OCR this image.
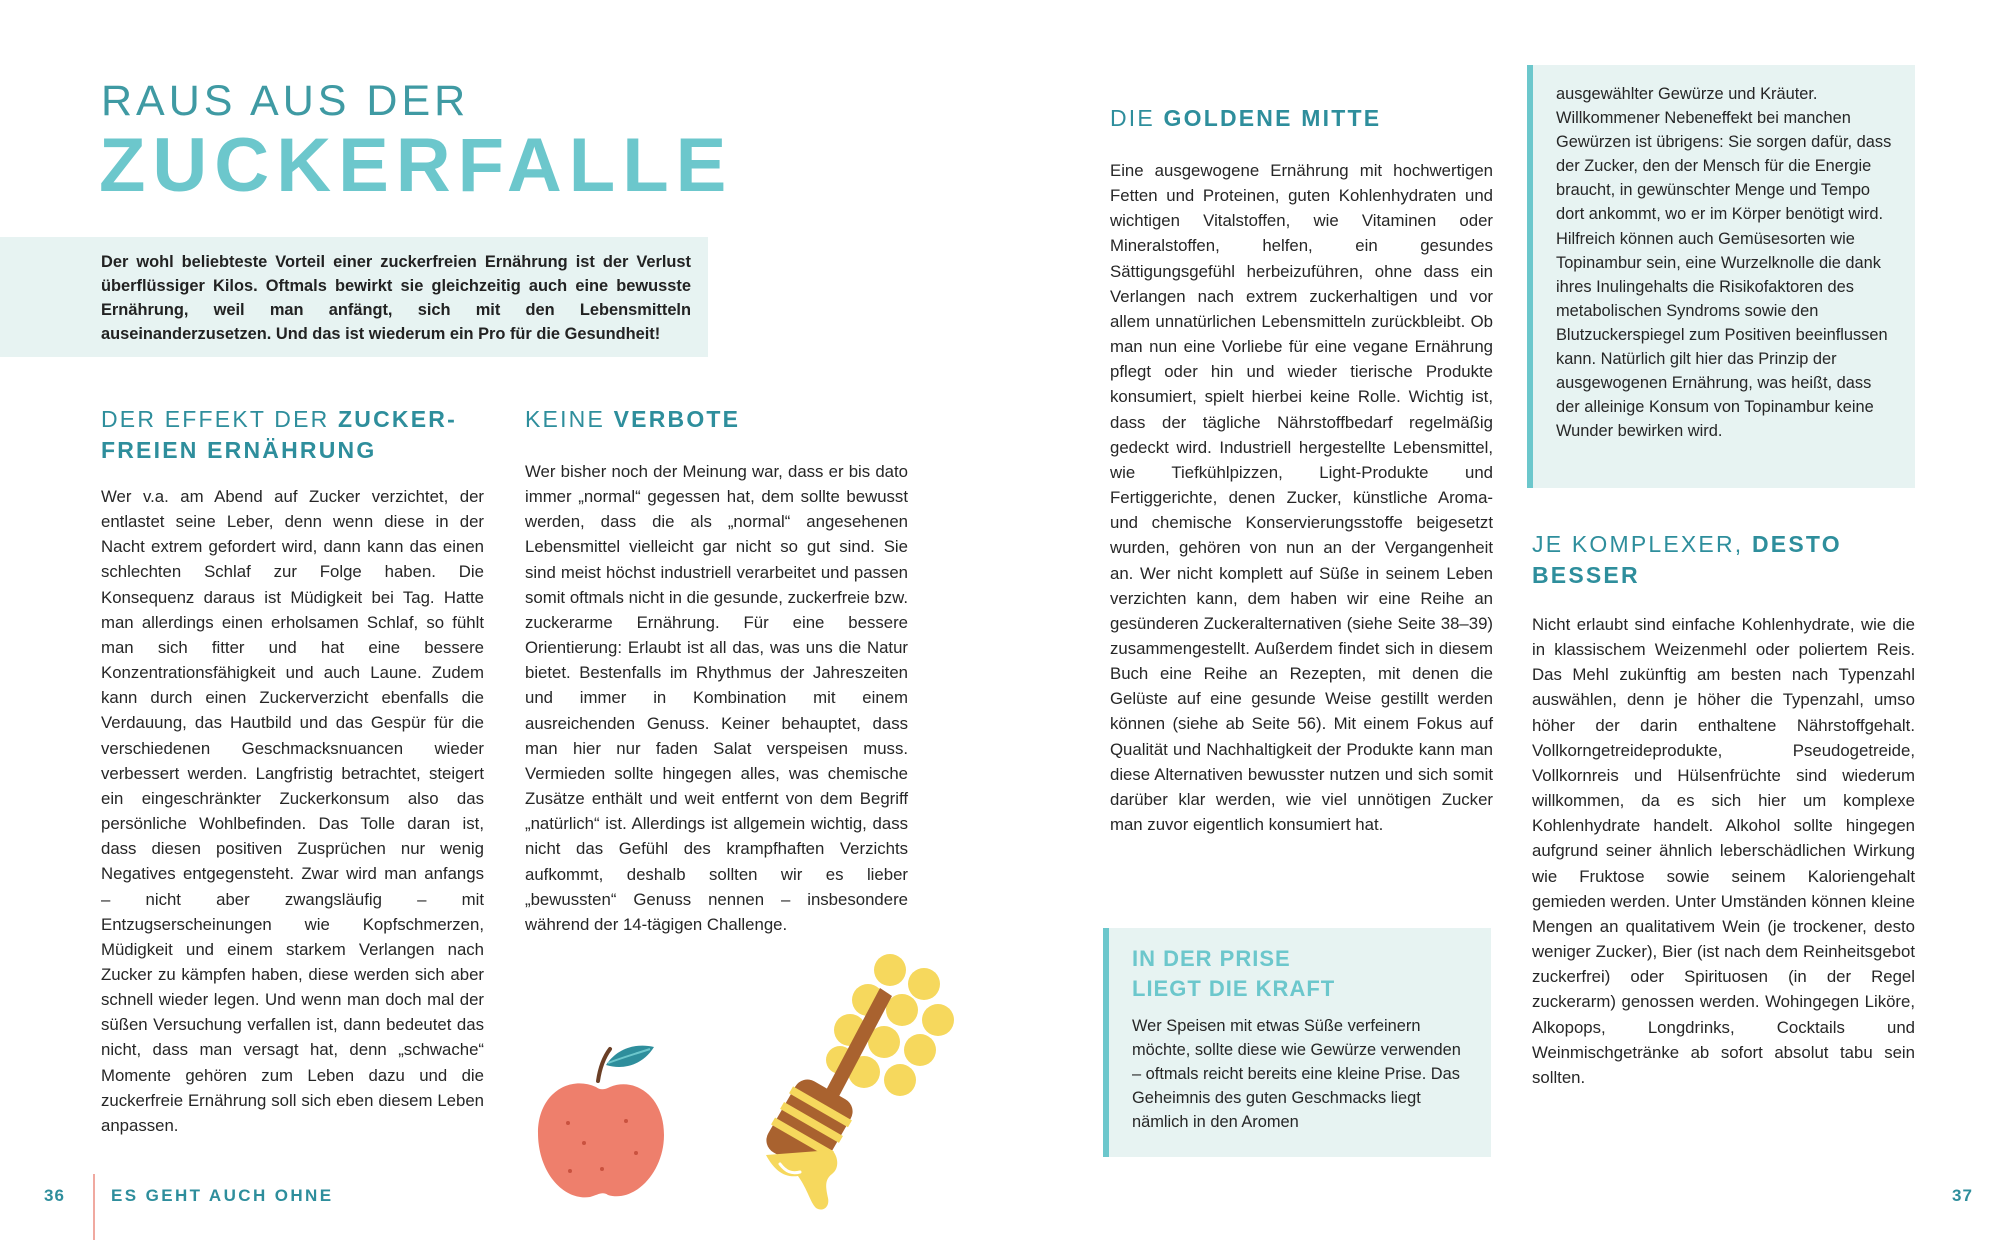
RAUS AUS DER
ZUCKERFALLE
Der wohl beliebteste Vorteil einer zuckerfreien Ernährung ist der Verlust überflüssiger Kilos. Oftmals bewirkt sie gleichzeitig auch eine bewusste Ernährung, weil man anfängt, sich mit den Lebensmitteln auseinanderzusetzen. Und das ist wiederum ein Pro für die Gesundheit!
DER EFFEKT DER ZUCKER-
FREIEN ERNÄHRUNG

Wer v.a. am Abend auf Zucker verzichtet, der entlastet seine Leber, denn wenn diese in der Nacht extrem gefordert wird, dann kann das einen schlechten Schlaf zur Folge haben. Die Konsequenz daraus ist Müdigkeit bei Tag. Hatte man allerdings einen erholsamen Schlaf, so fühlt man sich fitter und hat eine bessere Konzentrationsfähigkeit und auch Laune. Zudem kann durch einen Zuckerverzicht ebenfalls die Verdauung, das Hautbild und das Gespür für die verschiedenen Geschmacksnuancen wieder verbessert werden. Langfristig betrachtet, steigert ein eingeschränkter Zuckerkonsum also das persönliche Wohlbefinden. Das Tolle daran ist, dass diesen positiven Zusprüchen nur wenig Negatives entgegensteht. Zwar wird man anfangs – nicht aber zwangsläufig – mit Entzugserscheinungen wie Kopfschmerzen, Müdigkeit und einem starkem Verlangen nach Zucker zu kämpfen haben, diese werden sich aber schnell wieder legen. Und wenn man doch mal der süßen Versuchung verfallen ist, dann bedeutet das nicht, dass man versagt hat, denn „schwache“ Momente gehören zum Leben dazu und die zuckerfreie Ernährung soll sich eben diesem Leben anpassen.

KEINE VERBOTE

Wer bisher noch der Meinung war, dass er bis dato immer „normal“ gegessen hat, dem sollte bewusst werden, dass die als „normal“ angesehenen Lebensmittel vielleicht gar nicht so gut sind. Sie sind meist höchst industriell verarbeitet und passen somit oftmals nicht in die gesunde, zuckerfreie bzw. zuckerarme Ernährung. Für eine bessere Orientierung: Erlaubt ist all das, was uns die Natur bietet. Bestenfalls im Rhythmus der Jahreszeiten und immer in Kombination mit einem ausreichenden Genuss. Keiner behauptet, dass man hier nur faden Salat verspeisen muss. Vermieden sollte hingegen alles, was chemische Zusätze enthält und weit entfernt von dem Begriff „natürlich“ ist. Allerdings ist allgemein wichtig, dass nicht das Gefühl des krampfhaften Verzichts aufkommt, deshalb sollten wir es lieber „bewussten“ Genuss nennen – insbesondere während der 14-tägigen Challenge.

36	ES GEHT AUCH OHNE
DIE GOLDENE MITTE

Eine ausgewogene Ernährung mit hochwertigen Fetten und Proteinen, guten Kohlenhydraten und wichtigen Vitalstoffen, wie Vitaminen oder Mineralstoffen, helfen, ein gesundes Sättigungsgefühl herbeizuführen, ohne dass ein Verlangen nach extrem zuckerhaltigen und vor allem unnatürlichen Lebensmitteln zurückbleibt. Ob man nun eine Vorliebe für eine vegane Ernährung pflegt oder hin und wieder tierische Produkte konsumiert, spielt hierbei keine Rolle. Wichtig ist, dass der tägliche Nährstoffbedarf regelmäßig gedeckt wird. Industriell hergestellte Lebensmittel, wie Tiefkühlpizzen, Light-Produkte und Fertiggerichte, denen Zucker, künstliche Aroma- und chemische Konservierungsstoffe beigesetzt wurden, gehören von nun an der Vergangenheit an. Wer nicht komplett auf Süße in seinem Leben verzichten kann, dem haben wir eine Reihe an gesünderen Zuckeralternativen (siehe Seite 38–39) zusammengestellt. Außerdem findet sich in diesem Buch eine Reihe an Rezepten, mit denen die Gelüste auf eine gesunde Weise gestillt werden können (siehe ab Seite 56). Mit einem Fokus auf Qualität und Nachhaltigkeit der Produkte kann man diese Alternativen bewusster nutzen und sich somit darüber klar werden, wie viel unnötigen Zucker man zuvor eigentlich konsumiert hat.

ausgewählter Gewürze und Kräuter. Willkommener Nebeneffekt bei manchen Gewürzen ist übrigens: Sie sorgen dafür, dass der Zucker, den der Mensch für die Energie braucht, in gewünschter Menge und Tempo dort ankommt, wo er im Körper benötigt wird. Hilfreich können auch Gemüsesorten wie Topinambur sein, eine Wurzelknolle die dank ihres Inulingehalts die Risikofaktoren des metabolischen Syndroms sowie den Blutzuckerspiegel zum Positiven beeinflussen kann. Natürlich gilt hier das Prinzip der ausgewogenen Ernährung, was heißt, dass der alleinige Konsum von Topinambur keine Wunder bewirken wird.
IN DER PRISE
LIEGT DIE KRAFT
Wer Speisen mit etwas Süße verfeinern möchte, sollte diese wie Gewürze verwenden – oftmals reicht bereits eine kleine Prise. Das Geheimnis des guten Geschmacks liegt nämlich in den Aromen
JE KOMPLEXER, DESTO
BESSER

Nicht erlaubt sind einfache Kohlenhydrate, wie die in klassischem Weizenmehl oder poliertem Reis. Das Mehl zukünftig am besten nach Typenzahl auswählen, denn je höher die Typenzahl, umso höher der darin enthaltene Nährstoffgehalt. Vollkorngetreideprodukte, Pseudogetreide, Vollkornreis und Hülsenfrüchte sind wiederum willkommen, da es sich hier um komplexe Kohlenhydrate handelt. Alkohol sollte hingegen aufgrund seiner ähnlich leberschädlichen Wirkung wie Fruktose sowie seinem Kaloriengehalt gemieden werden. Unter Umständen können kleine Mengen an qualitativem Wein (je trockener, desto weniger Zucker), Bier (ist nach dem Reinheitsgebot zuckerfrei) oder Spirituosen (in der Regel zuckerarm) genossen werden. Wohingegen Liköre, Alkopops, Longdrinks, Cocktails und Weinmischgetränke ab sofort absolut tabu sein sollten.

37
